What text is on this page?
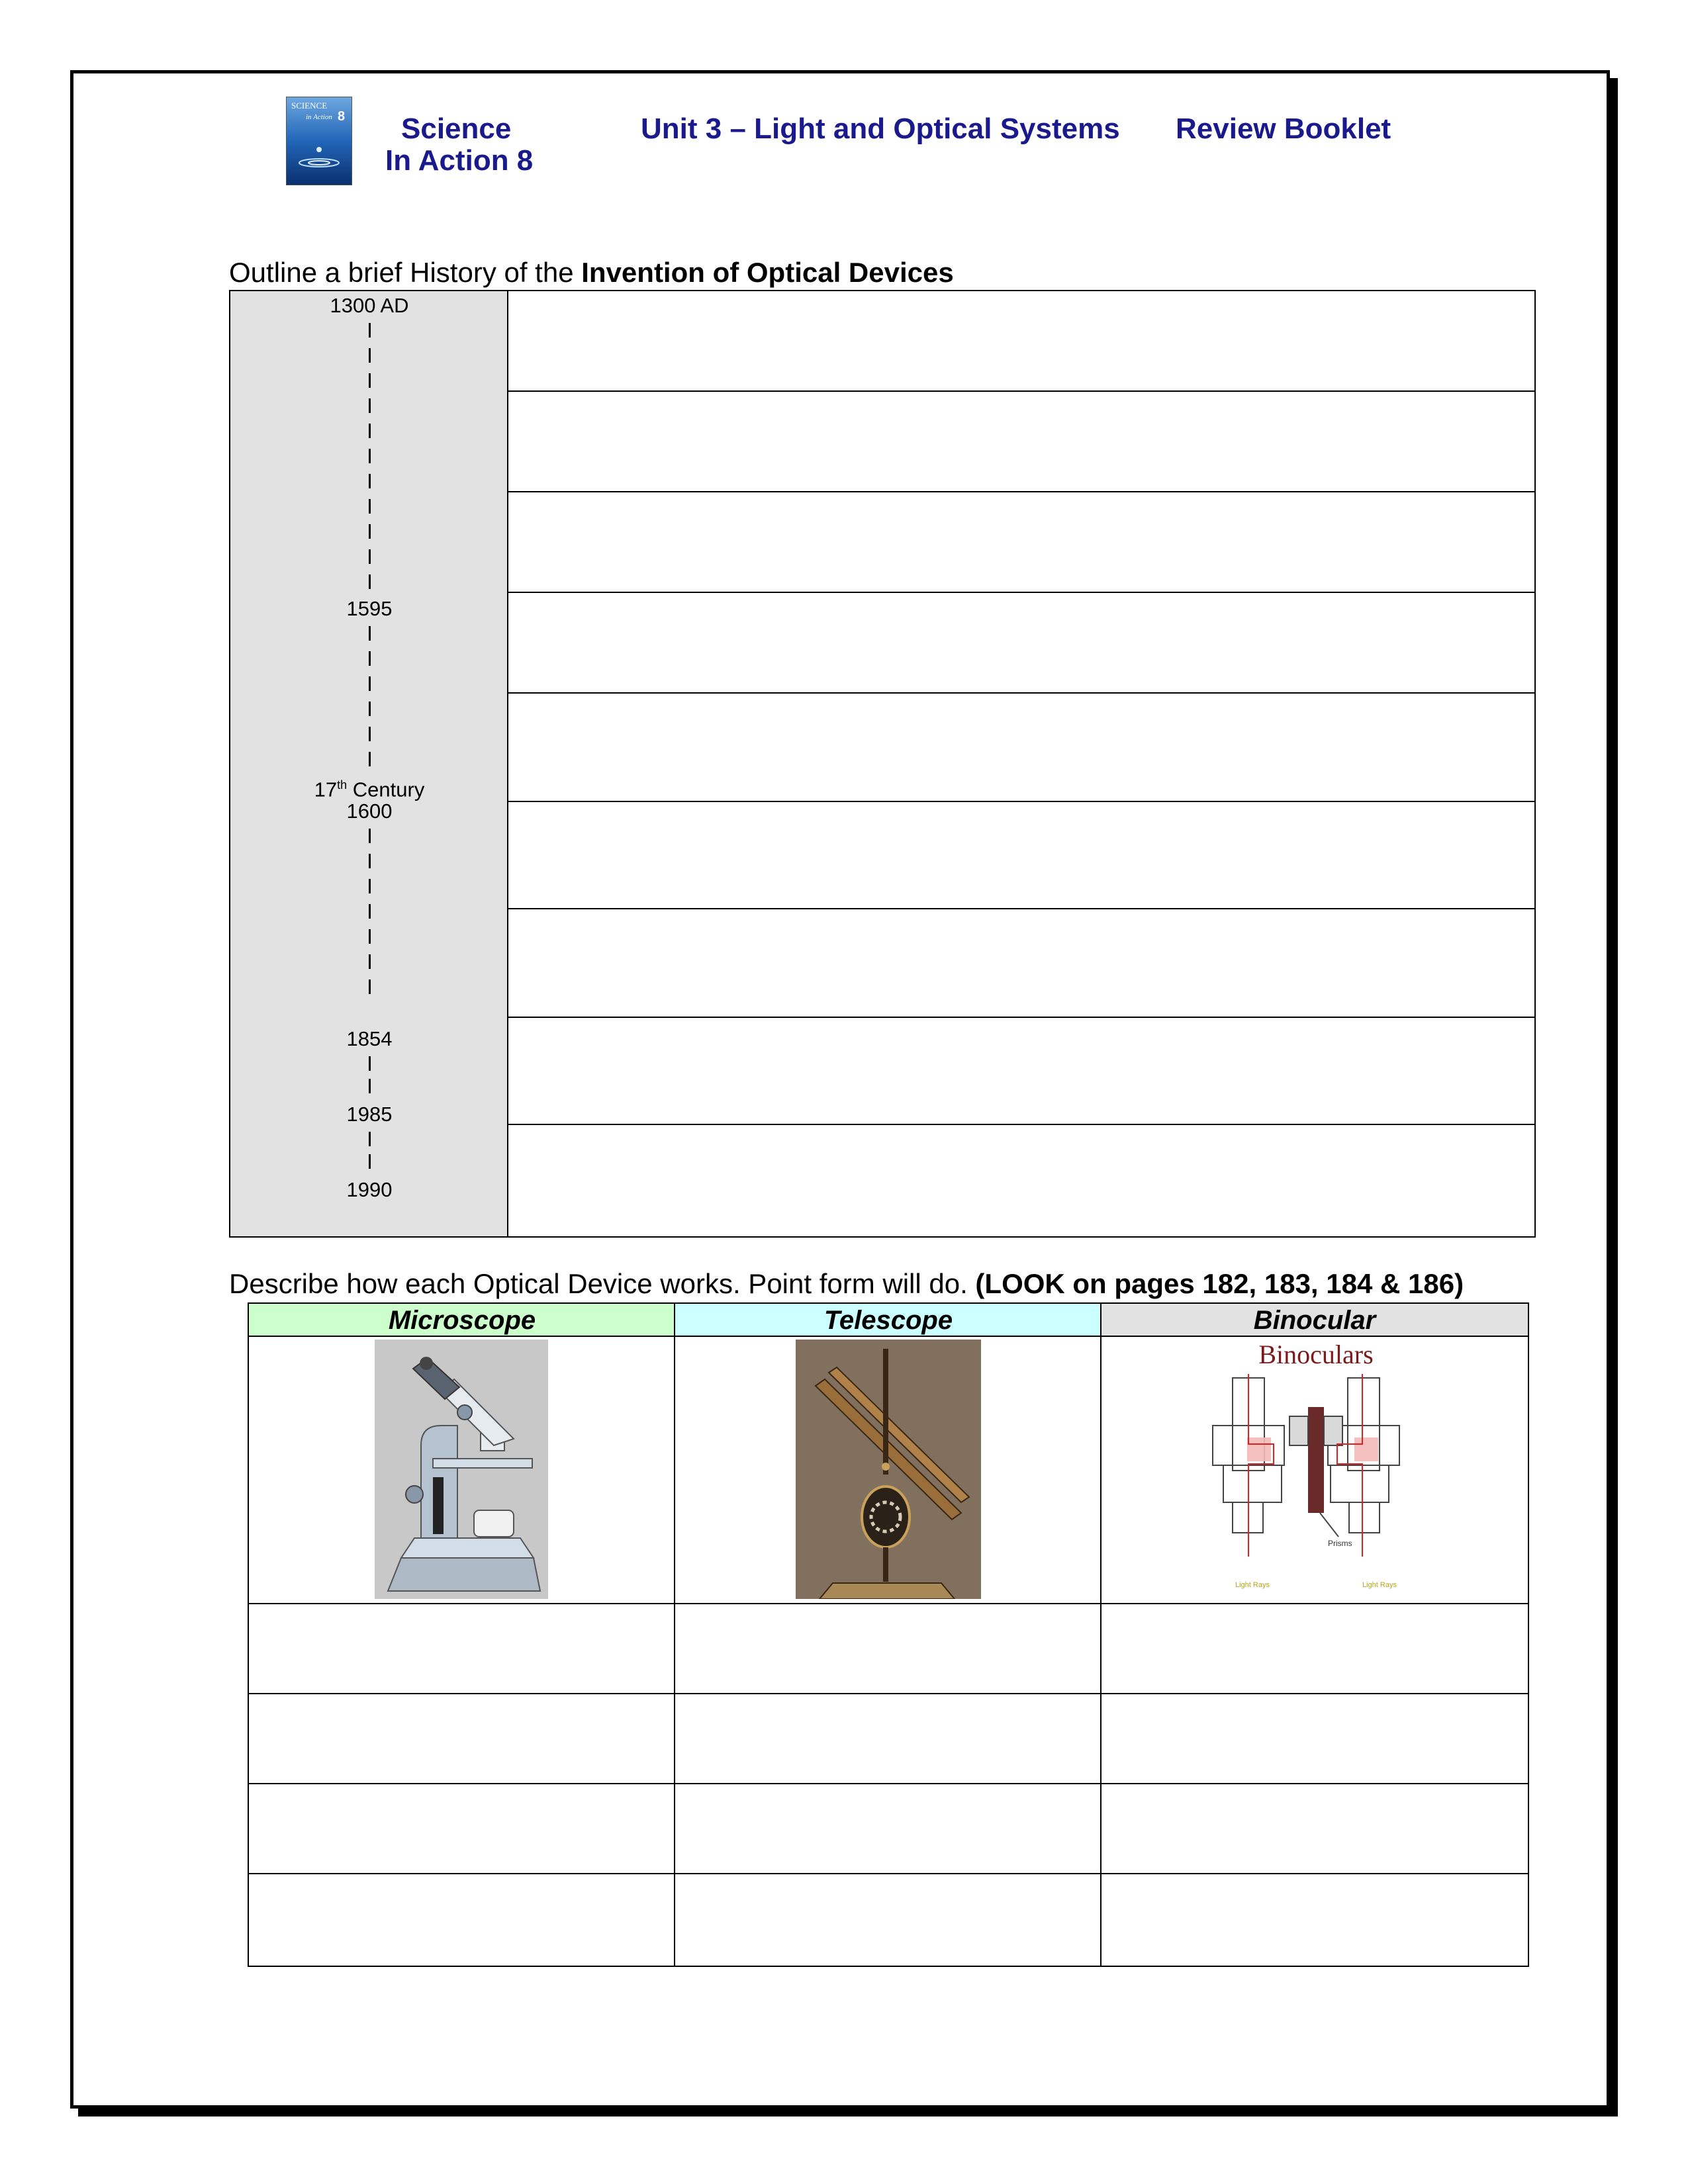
SCIENCE
in Action 8 Science
In Action 8
Unit 3 – Light and Optical Systems Review Booklet
Outline a brief History of the Invention of Optical Devices
1300 AD
1595
17th Century
1600
1854
1985
1990
Describe how each Optical Device works. Point form will do. (LOOK on pages 182, 183, 184 & 186)
Microscope	Telescope	Binocular
Binoculars
Prisms
Light Rays	Light Rays
